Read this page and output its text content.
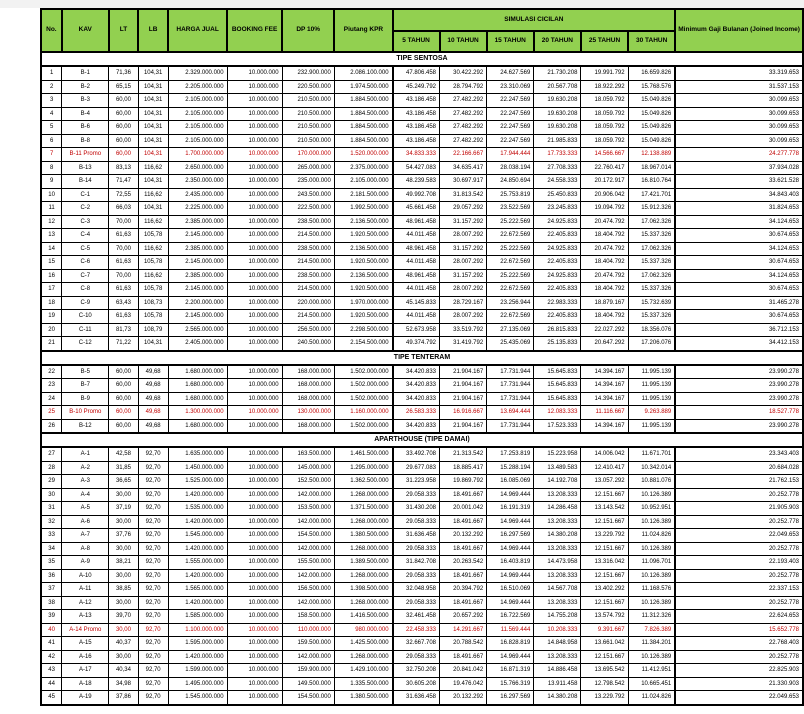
No.	KAV	LT	LB	HARGA JUAL	BOOKING FEE	DP 10%	Piutang KPR	SIMULASI CICILAN						Minimum Gaji Bulanan (Joined Income)
								5 TAHUN	10 TAHUN	15 TAHUN	20 TAHUN	25 TAHUN	30 TAHUN	
TIPE SENTOSA														
1	B-1	71,36	104,31	2.329.000.000	10.000.000	232.900.000	2.086.100.000	47.806.458	30.422.292	24.627.569	21.730.208	19.991.792	16.659.826	33.319.653
2	B-2	65,15	104,31	2.205.000.000	10.000.000	220.500.000	1.974.500.000	45.249.792	28.794.792	23.310.069	20.567.708	18.922.292	15.768.576	31.537.153
3	B-3	60,00	104,31	2.105.000.000	10.000.000	210.500.000	1.884.500.000	43.186.458	27.482.292	22.247.569	19.630.208	18.059.792	15.049.826	30.099.653
4	B-4	60,00	104,31	2.105.000.000	10.000.000	210.500.000	1.884.500.000	43.186.458	27.482.292	22.247.569	19.630.208	18.059.792	15.049.826	30.099.653
5	B-6	60,00	104,31	2.105.000.000	10.000.000	210.500.000	1.884.500.000	43.186.458	27.482.292	22.247.569	19.630.208	18.059.792	15.049.826	30.099.653
6	B-8	60,00	104,31	2.105.000.000	10.000.000	210.500.000	1.884.500.000	43.186.458	27.482.292	22.247.569	21.985.833	18.059.792	15.049.826	30.099.653
7	B-11 Promo	60,00	104,31	1.700.000.000	10.000.000	170.000.000	1.520.000.000	34.833.333	22.166.667	17.944.444	17.733.333	14.566.667	12.138.889	24.277.778
8	B-13	83,13	116,62	2.650.000.000	10.000.000	265.000.000	2.375.000.000	54.427.083	34.635.417	28.038.194	27.708.333	22.760.417	18.967.014	37.934.028
9	B-14	71,47	104,31	2.350.000.000	10.000.000	235.000.000	2.105.000.000	48.239.583	30.697.917	24.850.694	24.558.333	20.172.917	16.810.764	33.621.528
10	C-1	72,55	116,62	2.435.000.000	10.000.000	243.500.000	2.181.500.000	49.992.708	31.813.542	25.753.819	25.450.833	20.906.042	17.421.701	34.843.403
11	C-2	66,03	104,31	2.225.000.000	10.000.000	222.500.000	1.992.500.000	45.661.458	29.057.292	23.522.569	23.245.833	19.094.792	15.912.326	31.824.653
12	C-3	70,00	116,62	2.385.000.000	10.000.000	238.500.000	2.136.500.000	48.961.458	31.157.292	25.222.569	24.925.833	20.474.792	17.062.326	34.124.653
13	C-4	61,63	105,78	2.145.000.000	10.000.000	214.500.000	1.920.500.000	44.011.458	28.007.292	22.672.569	22.405.833	18.404.792	15.337.326	30.674.653
14	C-5	70,00	116,62	2.385.000.000	10.000.000	238.500.000	2.136.500.000	48.961.458	31.157.292	25.222.569	24.925.833	20.474.792	17.062.326	34.124.653
15	C-6	61,63	105,78	2.145.000.000	10.000.000	214.500.000	1.920.500.000	44.011.458	28.007.292	22.672.569	22.405.833	18.404.792	15.337.326	30.674.653
16	C-7	70,00	116,62	2.385.000.000	10.000.000	238.500.000	2.136.500.000	48.961.458	31.157.292	25.222.569	24.925.833	20.474.792	17.062.326	34.124.653
17	C-8	61,63	105,78	2.145.000.000	10.000.000	214.500.000	1.920.500.000	44.011.458	28.007.292	22.672.569	22.405.833	18.404.792	15.337.326	30.674.653
18	C-9	63,43	108,73	2.200.000.000	10.000.000	220.000.000	1.970.000.000	45.145.833	28.729.167	23.256.944	22.983.333	18.879.167	15.732.639	31.465.278
19	C-10	61,63	105,78	2.145.000.000	10.000.000	214.500.000	1.920.500.000	44.011.458	28.007.292	22.672.569	22.405.833	18.404.792	15.337.326	30.674.653
20	C-11	81,73	108,79	2.565.000.000	10.000.000	256.500.000	2.298.500.000	52.673.958	33.519.792	27.135.069	26.815.833	22.027.292	18.356.076	36.712.153
21	C-12	71,22	104,31	2.405.000.000	10.000.000	240.500.000	2.154.500.000	49.374.792	31.419.792	25.435.069	25.135.833	20.647.292	17.206.076	34.412.153
TIPE TENTERAM														
22	B-5	60,00	49,68	1.680.000.000	10.000.000	168.000.000	1.502.000.000	34.420.833	21.904.167	17.731.944	15.645.833	14.394.167	11.995.139	23.990.278
23	B-7	60,00	49,68	1.680.000.000	10.000.000	168.000.000	1.502.000.000	34.420.833	21.904.167	17.731.944	15.645.833	14.394.167	11.995.139	23.990.278
24	B-9	60,00	49,68	1.680.000.000	10.000.000	168.000.000	1.502.000.000	34.420.833	21.904.167	17.731.944	15.645.833	14.394.167	11.995.139	23.990.278
25	B-10 Promo	60,00	49,68	1.300.000.000	10.000.000	130.000.000	1.160.000.000	26.583.333	16.916.667	13.694.444	12.083.333	11.116.667	9.263.889	18.527.778
26	B-12	60,00	49,68	1.680.000.000	10.000.000	168.000.000	1.502.000.000	34.420.833	21.904.167	17.731.944	17.523.333	14.394.167	11.995.139	23.990.278
APARTHOUSE (TIPE DAMAI)														
27	A-1	42,58	92,70	1.635.000.000	10.000.000	163.500.000	1.461.500.000	33.492.708	21.313.542	17.253.819	15.223.958	14.006.042	11.671.701	23.343.403
28	A-2	31,85	92,70	1.450.000.000	10.000.000	145.000.000	1.295.000.000	29.677.083	18.885.417	15.288.194	13.489.583	12.410.417	10.342.014	20.684.028
29	A-3	36,65	92,70	1.525.000.000	10.000.000	152.500.000	1.362.500.000	31.223.958	19.869.792	16.085.069	14.192.708	13.057.292	10.881.076	21.762.153
30	A-4	30,00	92,70	1.420.000.000	10.000.000	142.000.000	1.268.000.000	29.058.333	18.491.667	14.969.444	13.208.333	12.151.667	10.126.389	20.252.778
31	A-5	37,19	92,70	1.535.000.000	10.000.000	153.500.000	1.371.500.000	31.430.208	20.001.042	16.191.319	14.286.458	13.143.542	10.952.951	21.905.903
32	A-6	30,00	92,70	1.420.000.000	10.000.000	142.000.000	1.268.000.000	29.058.333	18.491.667	14.969.444	13.208.333	12.151.667	10.126.389	20.252.778
33	A-7	37,76	92,70	1.545.000.000	10.000.000	154.500.000	1.380.500.000	31.636.458	20.132.292	16.297.569	14.380.208	13.229.792	11.024.826	22.049.653
34	A-8	30,00	92,70	1.420.000.000	10.000.000	142.000.000	1.268.000.000	29.058.333	18.491.667	14.969.444	13.208.333	12.151.667	10.126.389	20.252.778
35	A-9	38,21	92,70	1.555.000.000	10.000.000	155.500.000	1.389.500.000	31.842.708	20.263.542	16.403.819	14.473.958	13.316.042	11.096.701	22.193.403
36	A-10	30,00	92,70	1.420.000.000	10.000.000	142.000.000	1.268.000.000	29.058.333	18.491.667	14.969.444	13.208.333	12.151.667	10.126.389	20.252.778
37	A-11	38,85	92,70	1.565.000.000	10.000.000	156.500.000	1.398.500.000	32.048.958	20.394.792	16.510.069	14.567.708	13.402.292	11.168.576	22.337.153
38	A-12	30,00	92,70	1.420.000.000	10.000.000	142.000.000	1.268.000.000	29.058.333	18.491.667	14.969.444	13.208.333	12.151.667	10.126.389	20.252.778
39	A-13	39,70	92,70	1.585.000.000	10.000.000	158.500.000	1.416.500.000	32.461.458	20.657.292	16.722.569	14.755.208	13.574.792	11.312.326	22.624.653
40	A-14 Promo	30,00	92,70	1.100.000.000	10.000.000	110.000.000	980.000.000	22.458.333	14.291.667	11.569.444	10.208.333	9.391.667	7.826.389	15.652.778
41	A-15	40,37	92,70	1.595.000.000	10.000.000	159.500.000	1.425.500.000	32.667.708	20.788.542	16.828.819	14.848.958	13.661.042	11.384.201	22.768.403
42	A-16	30,00	92,70	1.420.000.000	10.000.000	142.000.000	1.268.000.000	29.058.333	18.491.667	14.969.444	13.208.333	12.151.667	10.126.389	20.252.778
43	A-17	40,34	92,70	1.599.000.000	10.000.000	159.900.000	1.429.100.000	32.750.208	20.841.042	16.871.319	14.886.458	13.695.542	11.412.951	22.825.903
44	A-18	34,98	92,70	1.495.000.000	10.000.000	149.500.000	1.335.500.000	30.605.208	19.476.042	15.766.319	13.911.458	12.798.542	10.665.451	21.330.903
45	A-19	37,86	92,70	1.545.000.000	10.000.000	154.500.000	1.380.500.000	31.636.458	20.132.292	16.297.569	14.380.208	13.229.792	11.024.826	22.049.653
